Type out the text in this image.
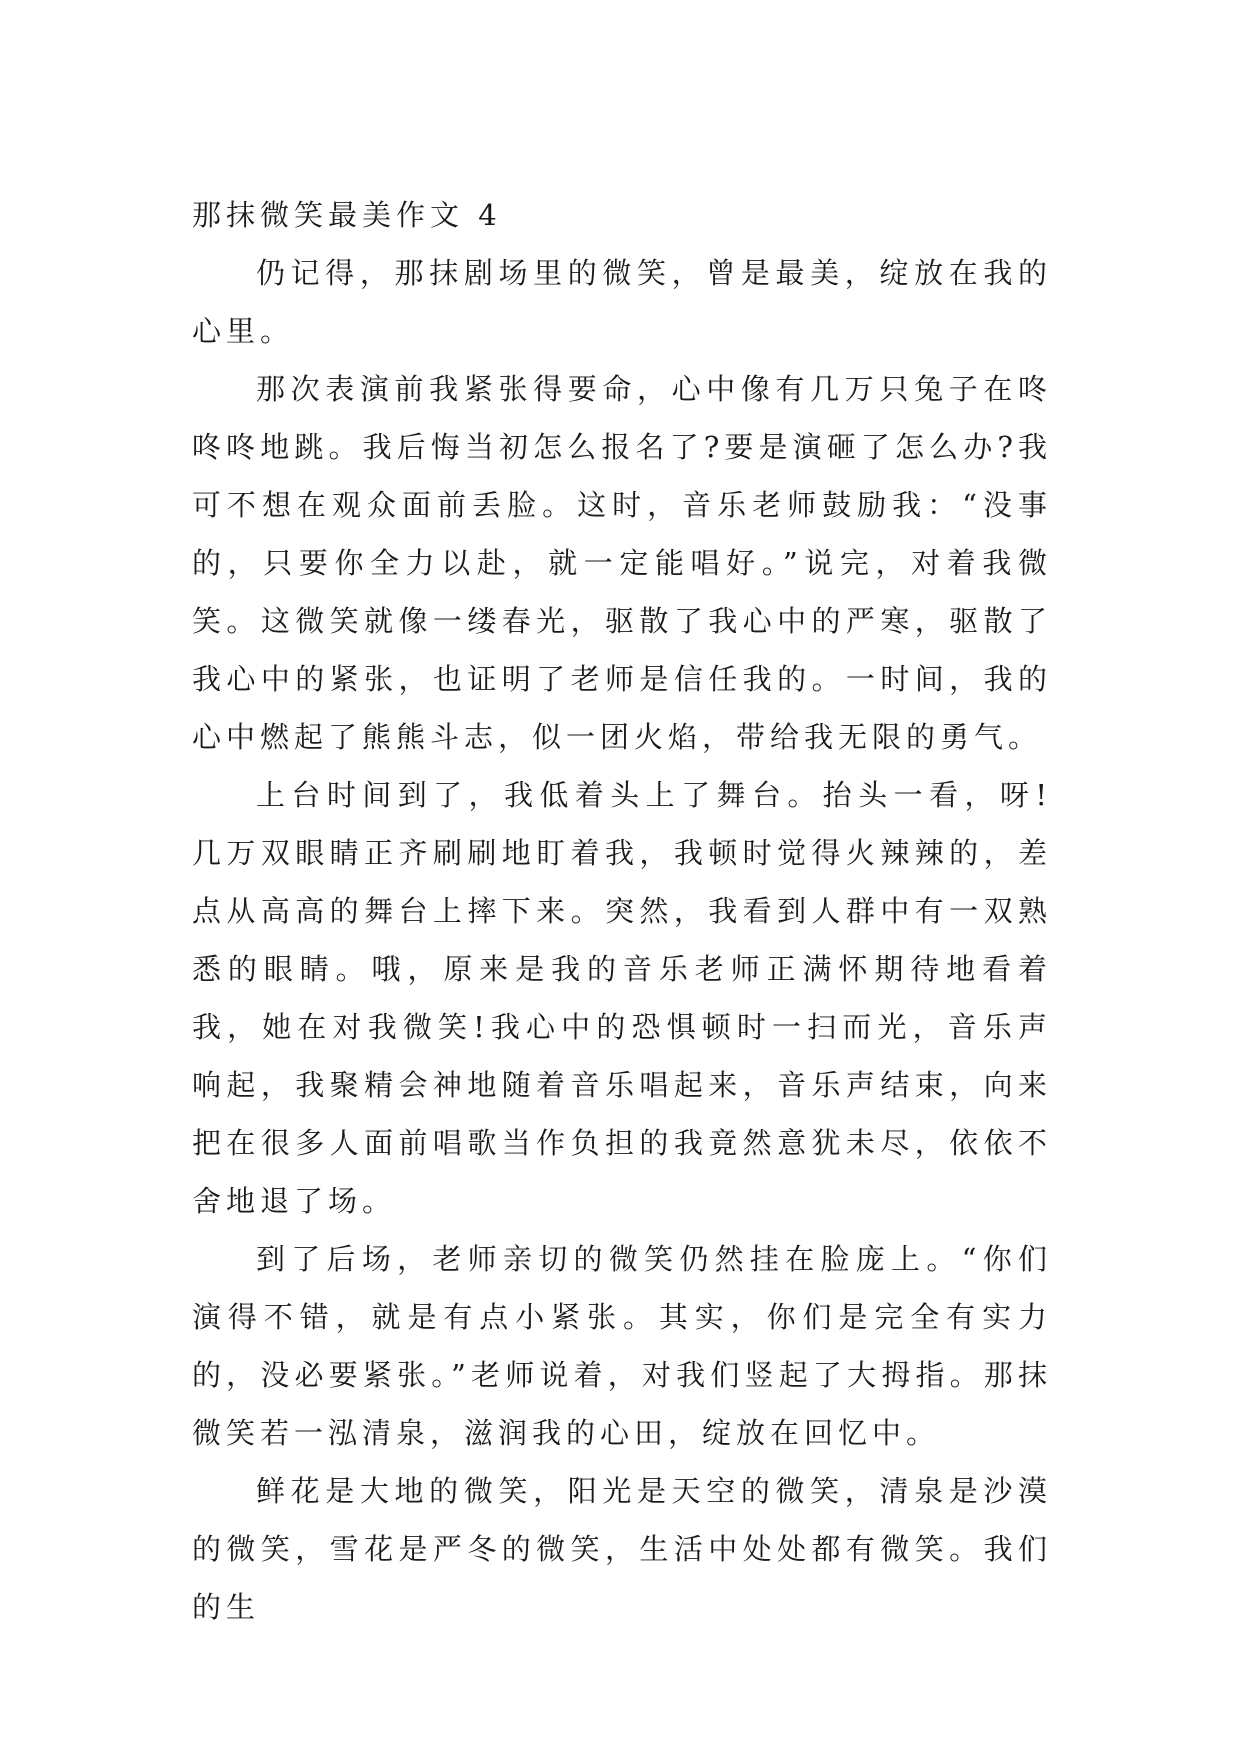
那抹微笑最美作文 4

仍记得，那抹剧场里的微笑，曾是最美，绽放在我的心里。

那次表演前我紧张得要命，心中像有几万只兔子在咚咚咚地跳。我后悔当初怎么报名了?要是演砸了怎么办?我可不想在观众面前丢脸。这时，音乐老师鼓励我：“没事的，只要你全力以赴，就一定能唱好。”说完，对着我微笑。这微笑就像一缕春光，驱散了我心中的严寒，驱散了我心中的紧张，也证明了老师是信任我的。一时间，我的心中燃起了熊熊斗志，似一团火焰，带给我无限的勇气。

上台时间到了，我低着头上了舞台。抬头一看，呀!几万双眼睛正齐刷刷地盯着我，我顿时觉得火辣辣的，差点从高高的舞台上摔下来。突然，我看到人群中有一双熟悉的眼睛。哦，原来是我的音乐老师正满怀期待地看着我，她在对我微笑!我心中的恐惧顿时一扫而光，音乐声响起，我聚精会神地随着音乐唱起来，音乐声结束，向来把在很多人面前唱歌当作负担的我竟然意犹未尽，依依不舍地退了场。

到了后场，老师亲切的微笑仍然挂在脸庞上。“你们演得不错，就是有点小紧张。其实，你们是完全有实力的，没必要紧张。”老师说着，对我们竖起了大拇指。那抹微笑若一泓清泉，滋润我的心田，绽放在回忆中。

鲜花是大地的微笑，阳光是天空的微笑，清泉是沙漠的微笑，雪花是严冬的微笑，生活中处处都有微笑。我们的生
